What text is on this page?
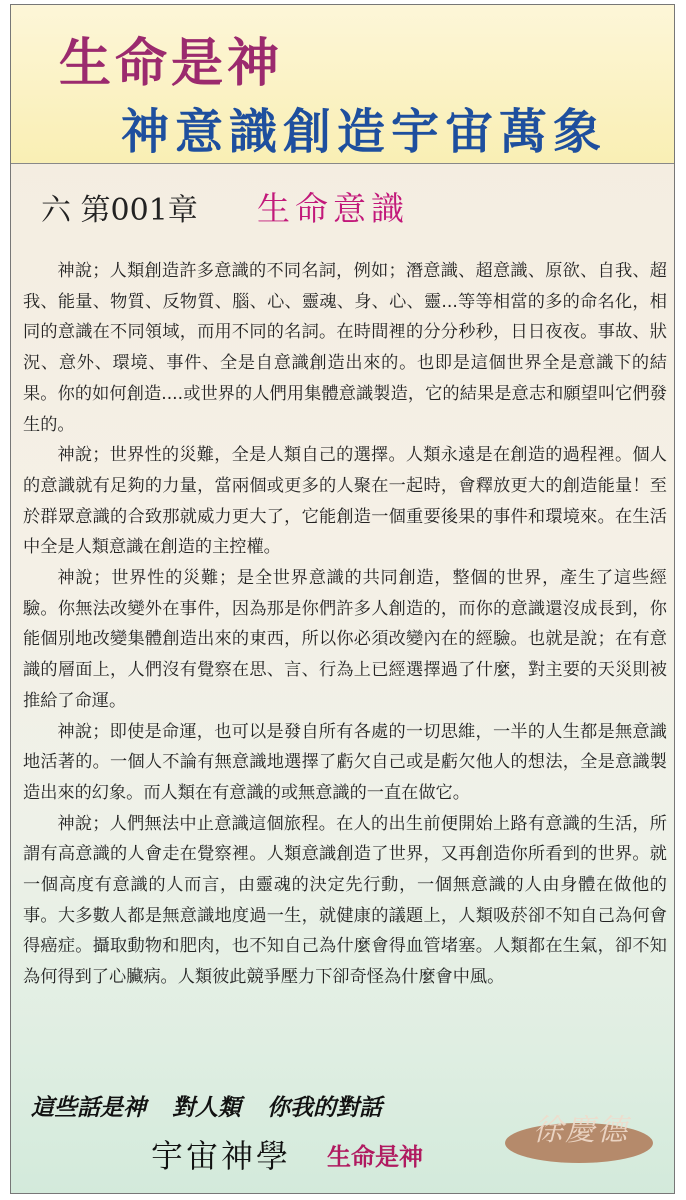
生命是神
神意識創造宇宙萬象
六 第001章 生命意識

神說；人類創造許多意識的不同名詞，例如；潛意識、超意識、原欲、自我、超我、能量、物質、反物質、腦、心、靈魂、身、心、靈...等等相當的多的命名化，相同的意識在不同領域，而用不同的名詞。在時間裡的分分秒秒，日日夜夜。事故、狀況、意外、環境、事件、全是自意識創造出來的。也即是這個世界全是意識下的結果。你的如何創造....或世界的人們用集體意識製造，它的結果是意志和願望叫它們發生的。

神說；世界性的災難，全是人類自己的選擇。人類永遠是在創造的過程裡。個人的意識就有足夠的力量，當兩個或更多的人聚在一起時，會釋放更大的創造能量！至於群眾意識的合致那就威力更大了，它能創造一個重要後果的事件和環境來。在生活中全是人類意識在創造的主控權。

神說；世界性的災難；是全世界意識的共同創造，整個的世界，產生了這些經驗。你無法改變外在事件，因為那是你們許多人創造的，而你的意識還沒成長到，你能個別地改變集體創造出來的東西，所以你必須改變內在的經驗。也就是說；在有意識的層面上，人們沒有覺察在思、言、行為上已經選擇過了什麼，對主要的天災則被推給了命運。

神說；即使是命運，也可以是發自所有各處的一切思維，一半的人生都是無意識地活著的。一個人不論有無意識地選擇了虧欠自己或是虧欠他人的想法，全是意識製造出來的幻象。而人類在有意識的或無意識的一直在做它。

神說；人們無法中止意識這個旅程。在人的出生前便開始上路有意識的生活，所謂有高意識的人會走在覺察裡。人類意識創造了世界，又再創造你所看到的世界。就一個高度有意識的人而言，由靈魂的決定先行動，一個無意識的人由身體在做他的事。大多數人都是無意識地度過一生，就健康的議題上，人類吸菸卻不知自己為何會得癌症。攝取動物和肥肉，也不知自己為什麼會得血管堵塞。人類都在生氣，卻不知為何得到了心臟病。人類彼此競爭壓力下卻奇怪為什麼會中風。

這些話是神 對人類 你我的對話
宇宙神學 生命是神
徐慶德
